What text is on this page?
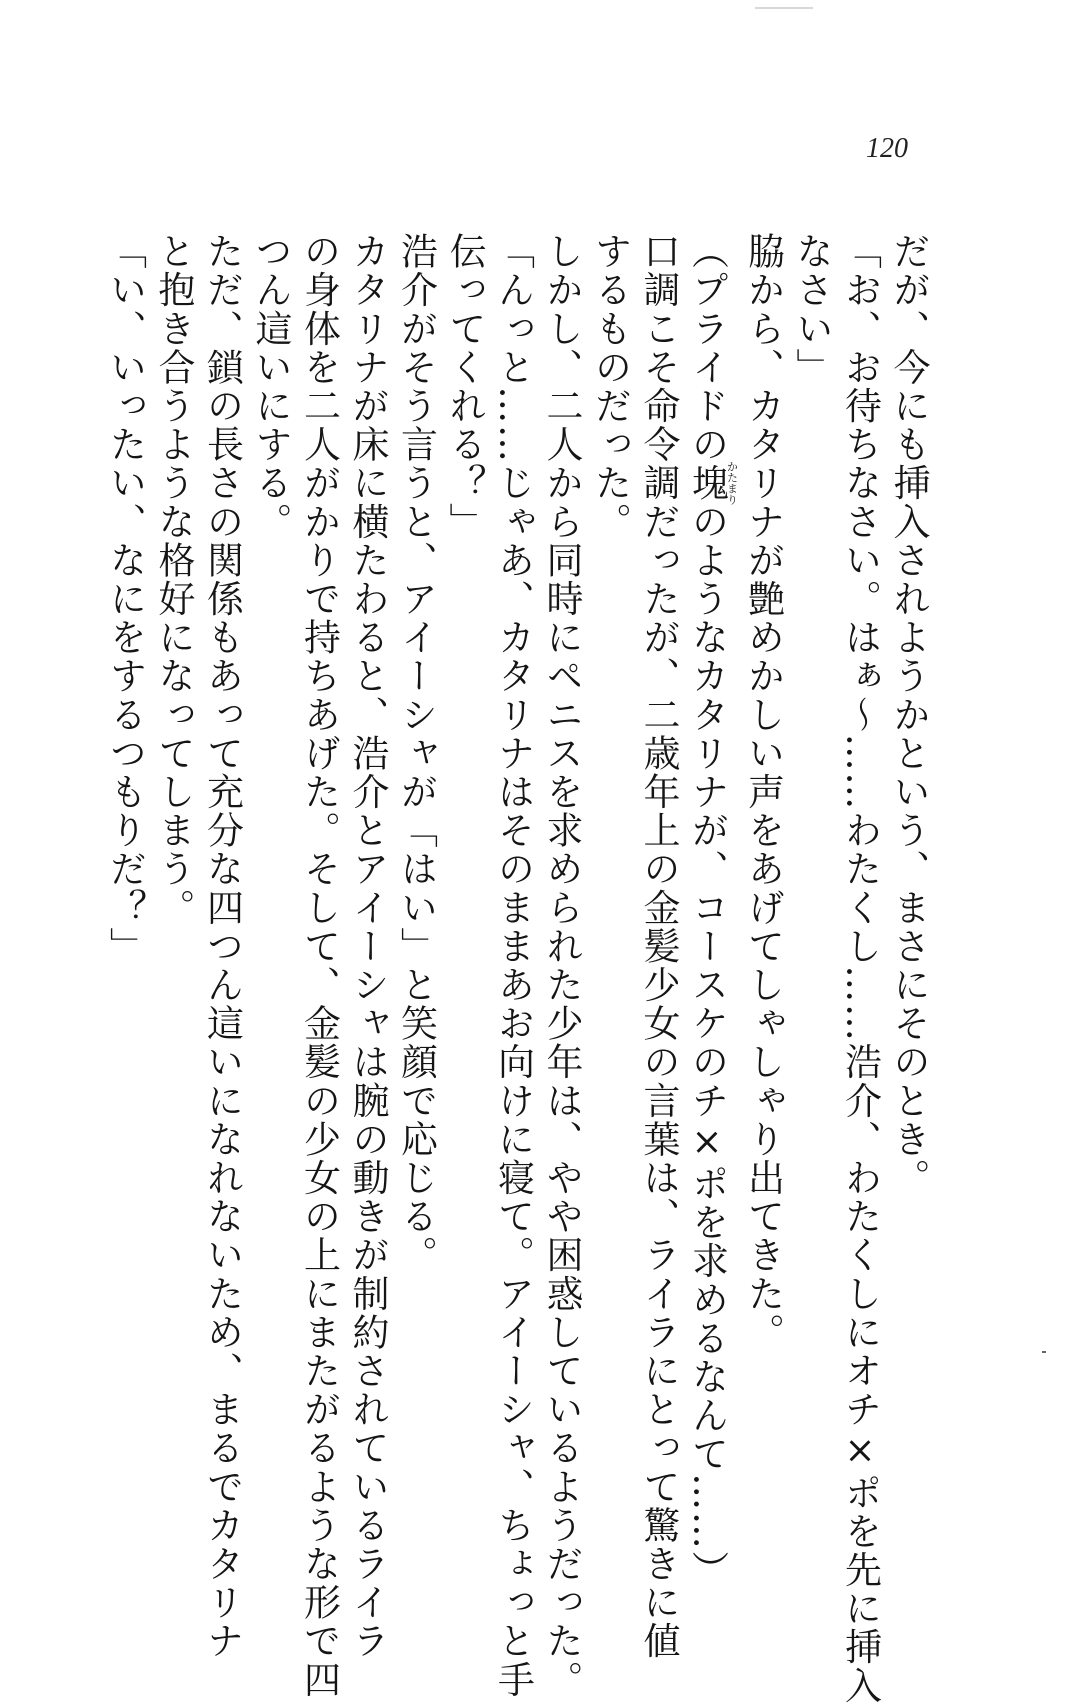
120
だが、今にも挿入されようかという、まさにそのとき。
「お、お待ちなさい。はぁ～……わたくし……浩介、わたくしにオチ×ポを先に挿入
なさい」
脇から、カタリナが艶めかしい声をあげてしゃしゃり出てきた。
（プライドの塊かたまりのようなカタリナが、コースケのチ×ポを求めるなんて……）
口調こそ命令調だったが、二歳年上の金髪少女の言葉は、ライラにとって驚きに値
するものだった。
しかし、二人から同時にペニスを求められた少年は、やや困惑しているようだった。
「んっと……じゃあ、カタリナはそのままあお向けに寝て。アイーシャ、ちょっと手
伝ってくれる？」
浩介がそう言うと、アイーシャが「はい」と笑顔で応じる。
カタリナが床に横たわると、浩介とアイーシャは腕の動きが制約されているライラ
の身体を二人がかりで持ちあげた。そして、金髪の少女の上にまたがるような形で四
つん這いにする。
ただ、鎖の長さの関係もあって充分な四つん這いになれないため、まるでカタリナ
と抱き合うような格好になってしまう。
「い、いったい、なにをするつもりだ？」
